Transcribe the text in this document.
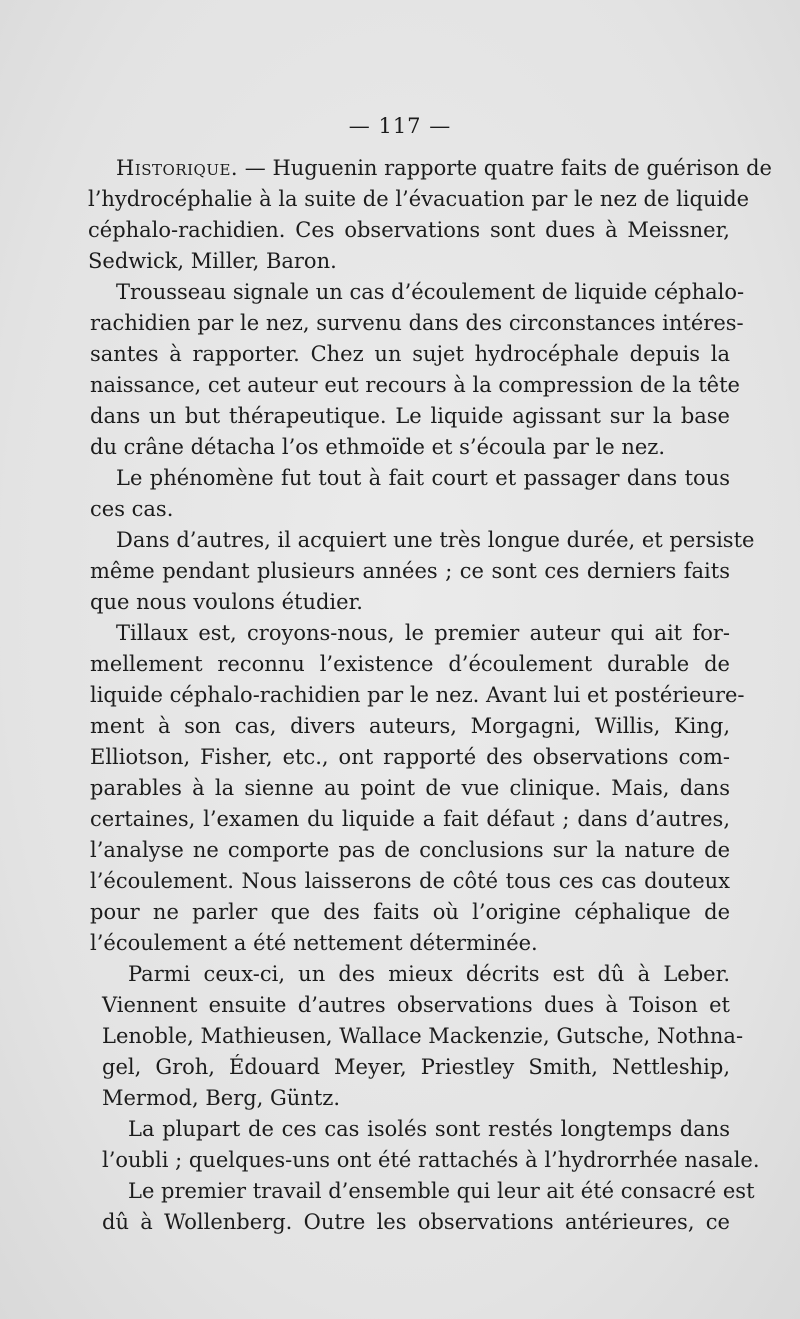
— 117 —

Historique. — Huguenin rapporte quatre faits de guérison de

l’hydrocéphalie à la suite de l’évacuation par le nez de liquide
céphalo-rachidien. Ces observations sont dues à Meissner,
Sedwick, Miller, Baron.

Trousseau signale un cas d’écoulement de liquide céphalo-
rachidien par le nez, survenu dans des circonstances intéres-
santes à rapporter. Chez un sujet hydrocéphale depuis la
naissance, cet auteur eut recours à la compression de la tête
dans un but thérapeutique. Le liquide agissant sur la base
du crâne détacha l’os ethmoïde et s’écoula par le nez.

Le phénomène fut tout à fait court et passager dans tous
ces cas.

Dans d’autres, il acquiert une très longue durée, et persiste
même pendant plusieurs années ; ce sont ces derniers faits
que nous voulons étudier.

Tillaux est, croyons-nous, le premier auteur qui ait for-
mellement reconnu l’existence d’écoulement durable de
liquide céphalo-rachidien par le nez. Avant lui et postérieure-
ment à son cas, divers auteurs, Morgagni, Willis, King,
Elliotson, Fisher, etc., ont rapporté des observations com-
parables à la sienne au point de vue clinique. Mais, dans
certaines, l’examen du liquide a fait défaut ; dans d’autres,
l’analyse ne comporte pas de conclusions sur la nature de
l’écoulement. Nous laisserons de côté tous ces cas douteux
pour ne parler que des faits où l’origine céphalique de
l’écoulement a été nettement déterminée.

Parmi ceux-ci, un des mieux décrits est dû à Leber.
Viennent ensuite d’autres observations dues à Toison et
Lenoble, Mathieusen, Wallace Mackenzie, Gutsche, Nothna-
gel, Groh, Édouard Meyer, Priestley Smith, Nettleship,
Mermod, Berg, Güntz.

La plupart de ces cas isolés sont restés longtemps dans
l’oubli ; quelques-uns ont été rattachés à l’hydrorrhée nasale.

Le premier travail d’ensemble qui leur ait été consacré est
dû à Wollenberg. Outre les observations antérieures, ce
